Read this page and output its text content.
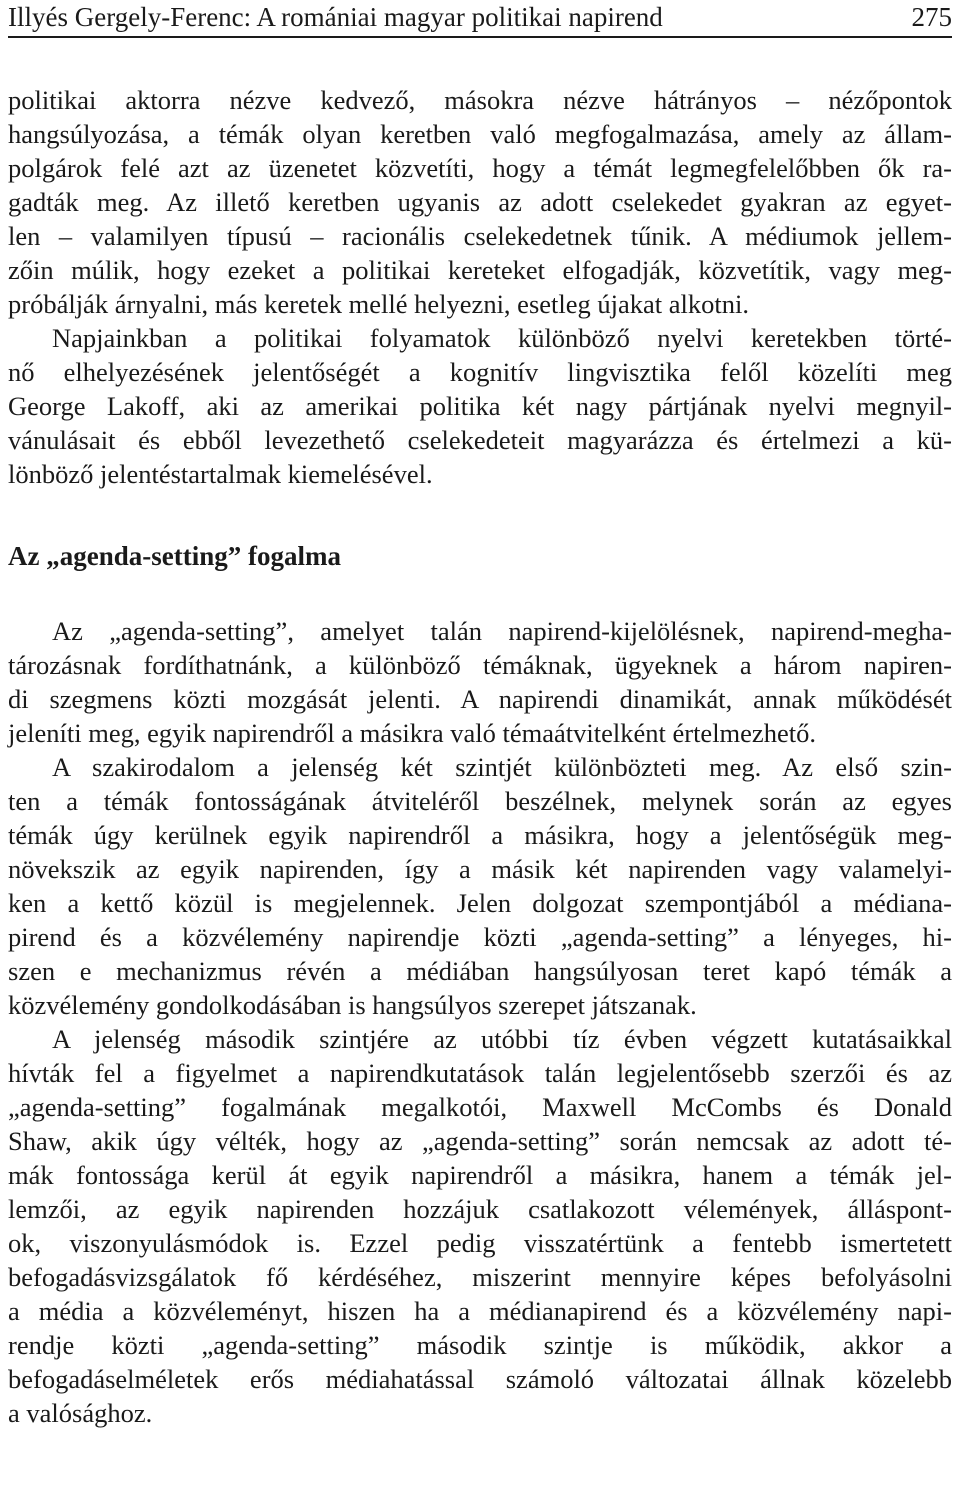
Illyés Gergely-Ferenc: A romániai magyar politikai napirend	275
politikai aktorra nézve kedvező, másokra nézve hátrányos – nézőpontok
hangsúlyozása, a témák olyan keretben való megfogalmazása, amely az állam-
polgárok felé azt az üzenetet közvetíti, hogy a témát legmegfelelőbben ők ra-
gadták meg. Az illető keretben ugyanis az adott cselekedet gyakran az egyet-
len – valamilyen típusú – racionális cselekedetnek tűnik. A médiumok jellem-
zőin múlik, hogy ezeket a politikai kereteket elfogadják, közvetítik, vagy meg-
próbálják árnyalni, más keretek mellé helyezni, esetleg újakat alkotni.
Napjainkban a politikai folyamatok különböző nyelvi keretekben törté-
nő elhelyezésének jelentőségét a kognitív lingvisztika felől közelíti meg
George Lakoff, aki az amerikai politika két nagy pártjának nyelvi megnyil-
vánulásait és ebből levezethető cselekedeteit magyarázza és értelmezi a kü-
lönböző jelentéstartalmak kiemelésével.
Az „agenda-setting” fogalma
Az „agenda-setting”, amelyet talán napirend-kijelölésnek, napirend-megha-
tározásnak fordíthatnánk, a különböző témáknak, ügyeknek a három napiren-
di szegmens közti mozgását jelenti. A napirendi dinamikát, annak működését
jeleníti meg, egyik napirendről a másikra való témaátvitelként értelmezhető.
A szakirodalom a jelenség két szintjét különbözteti meg. Az első szin-
ten a témák fontosságának átviteléről beszélnek, melynek során az egyes
témák úgy kerülnek egyik napirendről a másikra, hogy a jelentőségük meg-
növekszik az egyik napirenden, így a másik két napirenden vagy valamelyi-
ken a kettő közül is megjelennek. Jelen dolgozat szempontjából a médiana-
pirend és a közvélemény napirendje közti „agenda-setting” a lényeges, hi-
szen e mechanizmus révén a médiában hangsúlyosan teret kapó témák a
közvélemény gondolkodásában is hangsúlyos szerepet játszanak.
A jelenség második szintjére az utóbbi tíz évben végzett kutatásaikkal
hívták fel a figyelmet a napirendkutatások talán legjelentősebb szerzői és az
„agenda-setting” fogalmának megalkotói, Maxwell McCombs és Donald
Shaw, akik úgy vélték, hogy az „agenda-setting” során nemcsak az adott té-
mák fontossága kerül át egyik napirendről a másikra, hanem a témák jel-
lemzői, az egyik napirenden hozzájuk csatlakozott vélemények, álláspont-
ok, viszonyulásmódok is. Ezzel pedig visszatértünk a fentebb ismertetett
befogadásvizsgálatok fő kérdéséhez, miszerint mennyire képes befolyásolni
a média a közvéleményt, hiszen ha a médianapirend és a közvélemény napi-
rendje közti „agenda-setting” második szintje is működik, akkor a
befogadáselméletek erős médiahatással számoló változatai állnak közelebb
a valósághoz.
